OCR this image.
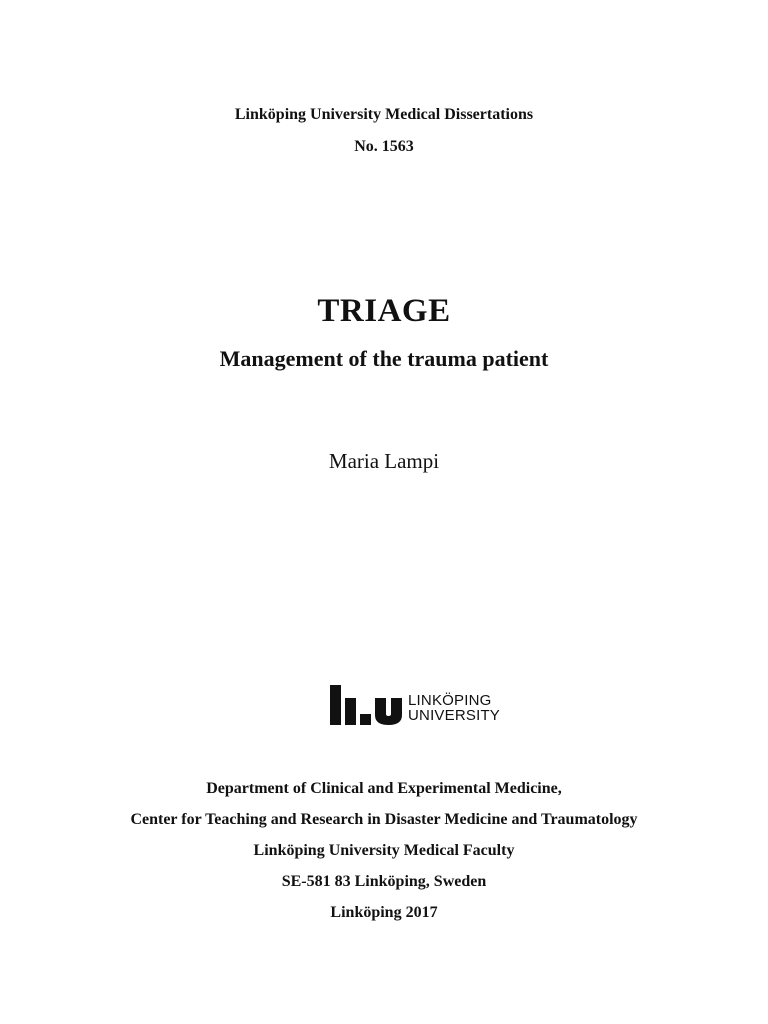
Linköping University Medical Dissertations
No. 1563
TRIAGE
Management of the trauma patient
Maria Lampi
LINKÖPING
UNIVERSITY
Department of Clinical and Experimental Medicine,
Center for Teaching and Research in Disaster Medicine and Traumatology
Linköping University Medical Faculty
SE-581 83 Linköping, Sweden
Linköping 2017
